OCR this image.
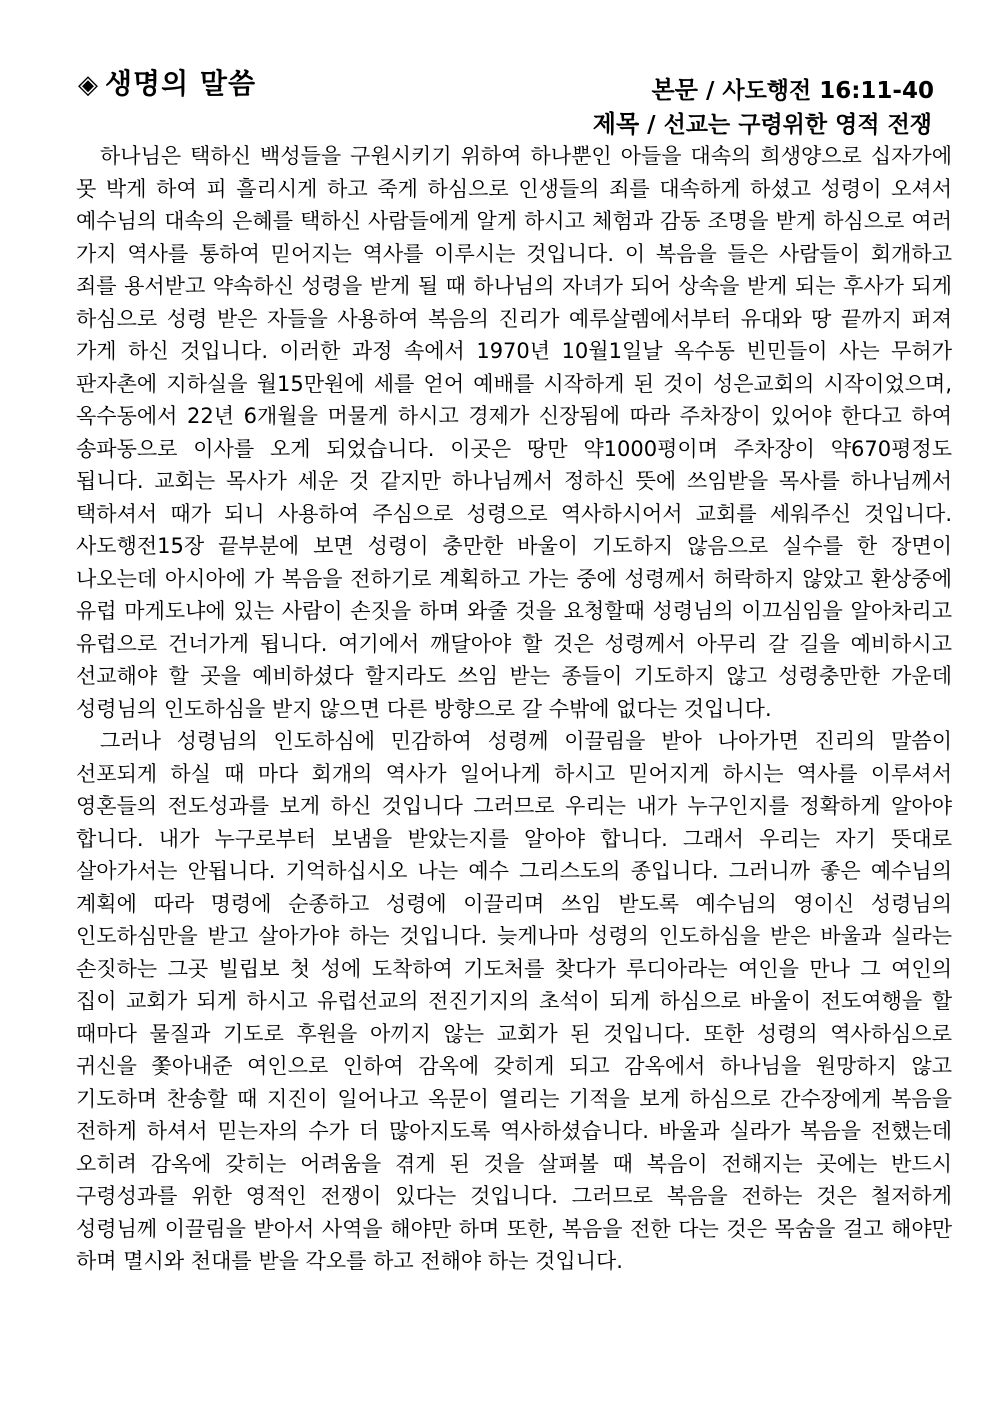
◈ 생명의 말씀	본문 / 사도행전 16:11-40
제목 / 선교는 구령위한 영적 전쟁

하나님은 택하신 백성들을 구원시키기 위하여 하나뿐인 아들을 대속의 희생양으로 십자가에 못 박게 하여 피 흘리시게 하고 죽게 하심으로 인생들의 죄를 대속하게 하셨고 성령이 오셔서 예수님의 대속의 은혜를 택하신 사람들에게 알게 하시고 체험과 감동 조명을 받게 하심으로 여러 가지 역사를 통하여 믿어지는 역사를 이루시는 것입니다. 이 복음을 들은 사람들이 회개하고 죄를 용서받고 약속하신 성령을 받게 될 때 하나님의 자녀가 되어 상속을 받게 되는 후사가 되게 하심으로 성령 받은 자들을 사용하여 복음의 진리가 예루살렘에서부터 유대와 땅 끝까지 퍼져 가게 하신 것입니다. 이러한 과정 속에서 1970년 10월1일날 옥수동 빈민들이 사는 무허가 판자촌에 지하실을 월15만원에 세를 얻어 예배를 시작하게 된 것이 성은교회의 시작이었으며, 옥수동에서 22년 6개월을 머물게 하시고 경제가 신장됨에 따라 주차장이 있어야 한다고 하여 송파동으로 이사를 오게 되었습니다. 이곳은 땅만 약1000평이며 주차장이 약670평정도 됩니다. 교회는 목사가 세운 것 같지만 하나님께서 정하신 뜻에 쓰임받을 목사를 하나님께서 택하셔서 때가 되니 사용하여 주심으로 성령으로 역사하시어서 교회를 세워주신 것입니다. 사도행전15장 끝부분에 보면 성령이 충만한 바울이 기도하지 않음으로 실수를 한 장면이 나오는데 아시아에 가 복음을 전하기로 계획하고 가는 중에 성령께서 허락하지 않았고 환상중에 유럽 마게도냐에 있는 사람이 손짓을 하며 와줄 것을 요청할때 성령님의 이끄심임을 알아차리고 유럽으로 건너가게 됩니다. 여기에서 깨달아야 할 것은 성령께서 아무리 갈 길을 예비하시고 선교해야 할 곳을 예비하셨다 할지라도 쓰임 받는 종들이 기도하지 않고 성령충만한 가운데 성령님의 인도하심을 받지 않으면 다른 방향으로 갈 수밖에 없다는 것입니다.

그러나 성령님의 인도하심에 민감하여 성령께 이끌림을 받아 나아가면 진리의 말씀이 선포되게 하실 때 마다 회개의 역사가 일어나게 하시고 믿어지게 하시는 역사를 이루셔서 영혼들의 전도성과를 보게 하신 것입니다 그러므로 우리는 내가 누구인지를 정확하게 알아야 합니다. 내가 누구로부터 보냄을 받았는지를 알아야 합니다. 그래서 우리는 자기 뜻대로 살아가서는 안됩니다. 기억하십시오 나는 예수 그리스도의 종입니다. 그러니까 좋은 예수님의 계획에 따라 명령에 순종하고 성령에 이끌리며 쓰임 받도록 예수님의 영이신 성령님의 인도하심만을 받고 살아가야 하는 것입니다. 늦게나마 성령의 인도하심을 받은 바울과 실라는 손짓하는 그곳 빌립보 첫 성에 도착하여 기도처를 찾다가 루디아라는 여인을 만나 그 여인의 집이 교회가 되게 하시고 유럽선교의 전진기지의 초석이 되게 하심으로 바울이 전도여행을 할 때마다 물질과 기도로 후원을 아끼지 않는 교회가 된 것입니다. 또한 성령의 역사하심으로 귀신을 쫓아내준 여인으로 인하여 감옥에 갖히게 되고 감옥에서 하나님을 원망하지 않고 기도하며 찬송할 때 지진이 일어나고 옥문이 열리는 기적을 보게 하심으로 간수장에게 복음을 전하게 하셔서 믿는자의 수가 더 많아지도록 역사하셨습니다. 바울과 실라가 복음을 전했는데 오히려 감옥에 갖히는 어려움을 겪게 된 것을 살펴볼 때 복음이 전해지는 곳에는 반드시 구령성과를 위한 영적인 전쟁이 있다는 것입니다. 그러므로 복음을 전하는 것은 철저하게 성령님께 이끌림을 받아서 사역을 해야만 하며 또한, 복음을 전한 다는 것은 목숨을 걸고 해야만 하며 멸시와 천대를 받을 각오를 하고 전해야 하는 것입니다.
